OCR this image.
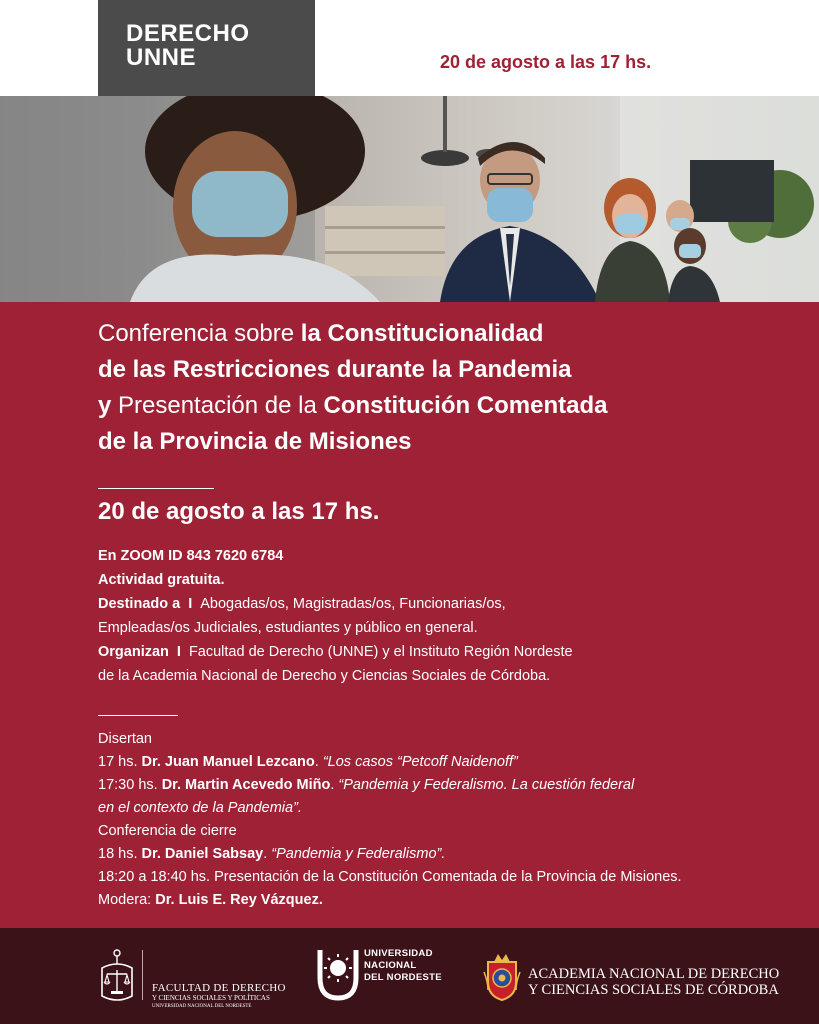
DERECHO
UNNE	20 de agosto a las 17 hs.
Conferencia sobre la Constitucionalidad
de las Restricciones durante la Pandemia
y Presentación de la Constitución Comentada
de la Provincia de Misiones
20 de agosto a las 17 hs.
En ZOOM ID 843 7620 6784
Actividad gratuita.
Destinado a I Abogadas/os, Magistradas/os, Funcionarias/os,
Empleadas/os Judiciales, estudiantes y público en general.
Organizan I Facultad de Derecho (UNNE) y el Instituto Región Nordeste
de la Academia Nacional de Derecho y Ciencias Sociales de Córdoba.
Disertan
17 hs. Dr. Juan Manuel Lezcano. “Los casos “Petcoff Naidenoff”
17:30 hs. Dr. Martin Acevedo Miño. “Pandemia y Federalismo. La cuestión federal
en el contexto de la Pandemia”.
Conferencia de cierre
18 hs. Dr. Daniel Sabsay. “Pandemia y Federalismo”.
18:20 a 18:40 hs. Presentación de la Constitución Comentada de la Provincia de Misiones.
Modera: Dr. Luis E. Rey Vázquez.
FACULTAD DE DERECHO
Y CIENCIAS SOCIALES Y POLÍTICAS
UNIVERSIDAD NACIONAL DEL NORDESTE
UNIVERSIDAD
NACIONAL
DEL NORDESTE	ACADEMIA NACIONAL DE DERECHO
Y CIENCIAS SOCIALES DE CÓRDOBA
